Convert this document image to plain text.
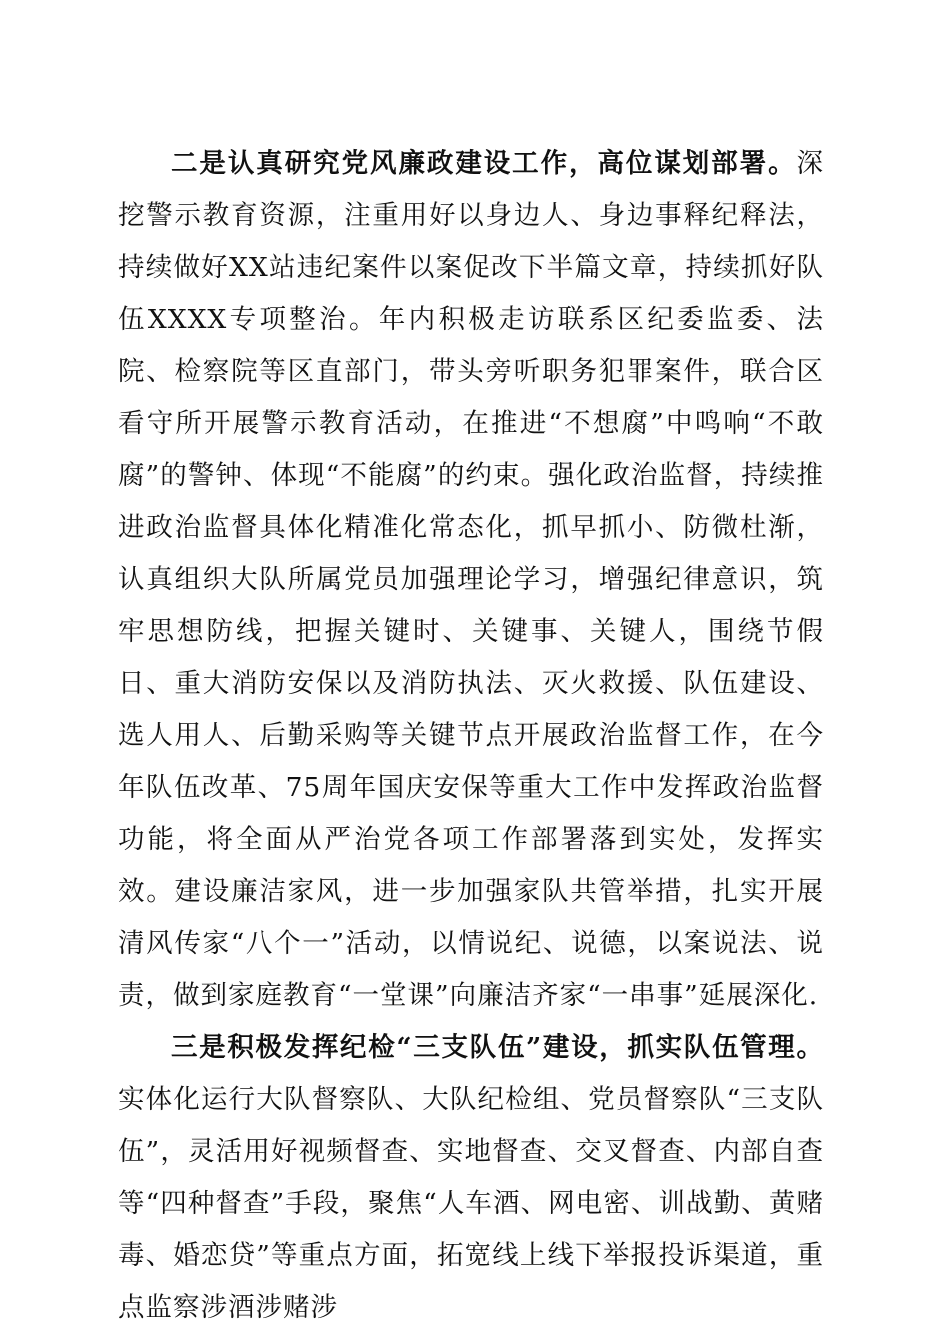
二是认真研究党风廉政建设工作，高位谋划部署。深挖警示教育资源，注重用好以身边人、身边事释纪释法，持续做好XX站违纪案件以案促改下半篇文章，持续抓好队伍XXXX专项整治。年内积极走访联系区纪委监委、法院、检察院等区直部门，带头旁听职务犯罪案件，联合区看守所开展警示教育活动，在推进“不想腐”中鸣响“不敢腐”的警钟、体现“不能腐”的约束。强化政治监督，持续推进政治监督具体化精准化常态化，抓早抓小、防微杜渐，认真组织大队所属党员加强理论学习，增强纪律意识，筑牢思想防线，把握关键时、关键事、关键人，围绕节假日、重大消防安保以及消防执法、灭火救援、队伍建设、选人用人、后勤采购等关键节点开展政治监督工作，在今年队伍改革、75周年国庆安保等重大工作中发挥政治监督功能，将全面从严治党各项工作部署落到实处，发挥实效。建设廉洁家风，进一步加强家队共管举措，扎实开展清风传家“八个一”活动，以情说纪、说德，以案说法、说责，做到家庭教育“一堂课”向廉洁齐家“一串事”延展深化.

三是积极发挥纪检“三支队伍”建设，抓实队伍管理。实体化运行大队督察队、大队纪检组、党员督察队“三支队伍”，灵活用好视频督查、实地督查、交叉督查、内部自查等“四种督查”手段，聚焦“人车酒、网电密、训战勤、黄赌毒、婚恋贷”等重点方面，拓宽线上线下举报投诉渠道，重点监察涉酒涉赌涉
